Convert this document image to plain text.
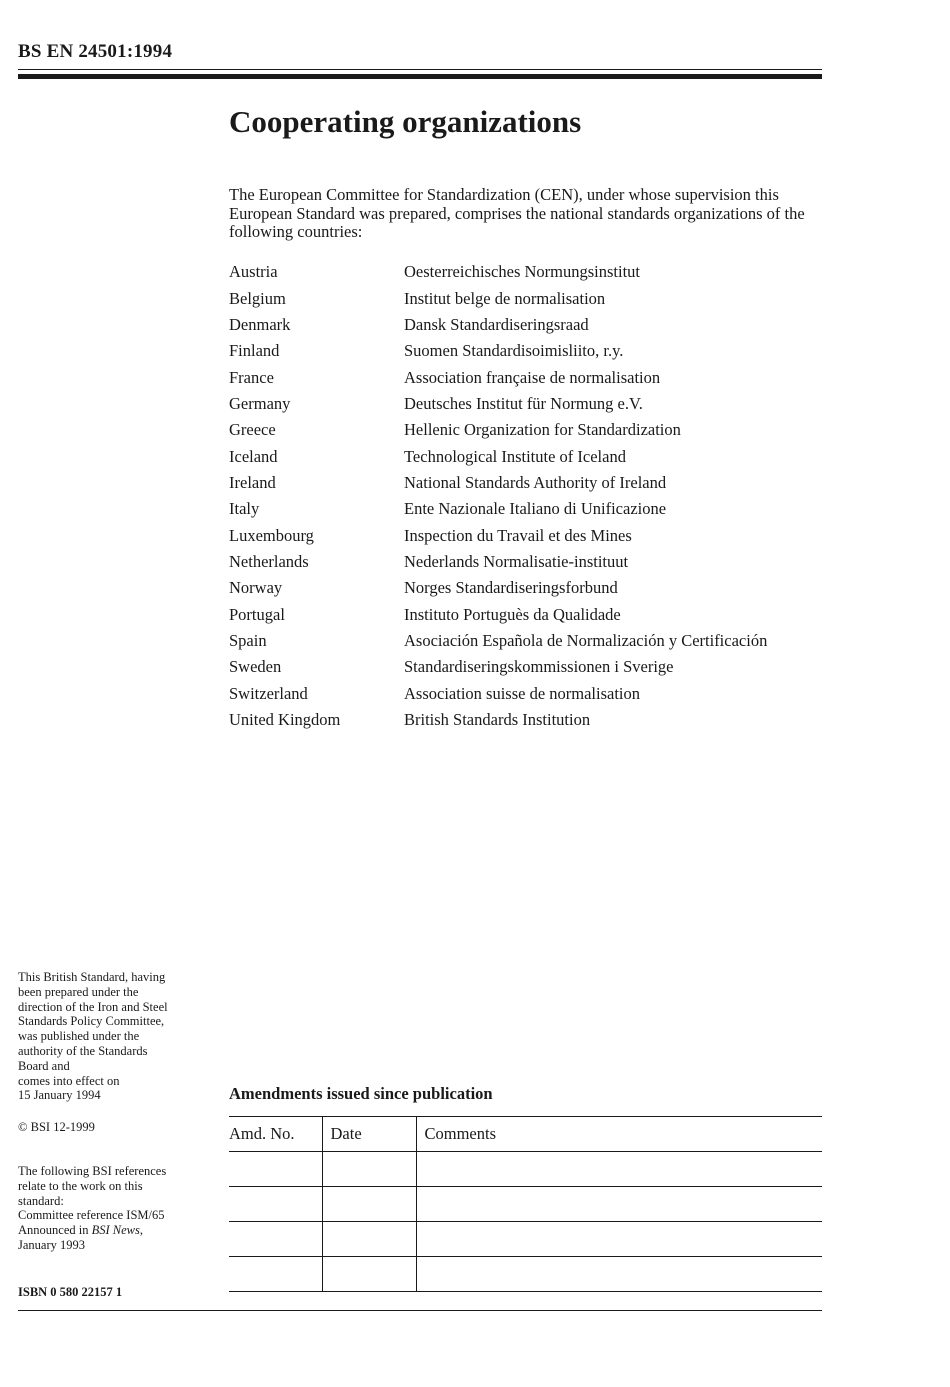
BS EN 24501:1994
Cooperating organizations

The European Committee for Standardization (CEN), under whose supervision this European Standard was prepared, comprises the national standards organizations of the following countries:

Austria	Oesterreichisches Normungsinstitut
Belgium	Institut belge de normalisation
Denmark	Dansk Standardiseringsraad
Finland	Suomen Standardisoimisliito, r.y.
France	Association française de normalisation
Germany	Deutsches Institut für Normung e.V.
Greece	Hellenic Organization for Standardization
Iceland	Technological Institute of Iceland
Ireland	National Standards Authority of Ireland
Italy	Ente Nazionale Italiano di Unificazione
Luxembourg	Inspection du Travail et des Mines
Netherlands	Nederlands Normalisatie-instituut
Norway	Norges Standardiseringsforbund
Portugal	Instituto Portuguès da Qualidade
Spain	Asociación Española de Normalización y Certificación
Sweden	Standardiseringskommissionen i Sverige
Switzerland	Association suisse de normalisation
United Kingdom	British Standards Institution
This British Standard, having
been prepared under the
direction of the Iron and Steel
Standards Policy Committee,
was published under the
authority of the Standards
Board and
comes into effect on
15 January 1994
© BSI 12-1999
The following BSI references
relate to the work on this
standard:
Committee reference ISM/65
Announced in BSI News,
January 1993
ISBN 0 580 22157 1
Amendments issued since publication
Amd. No.	Date	Comments
